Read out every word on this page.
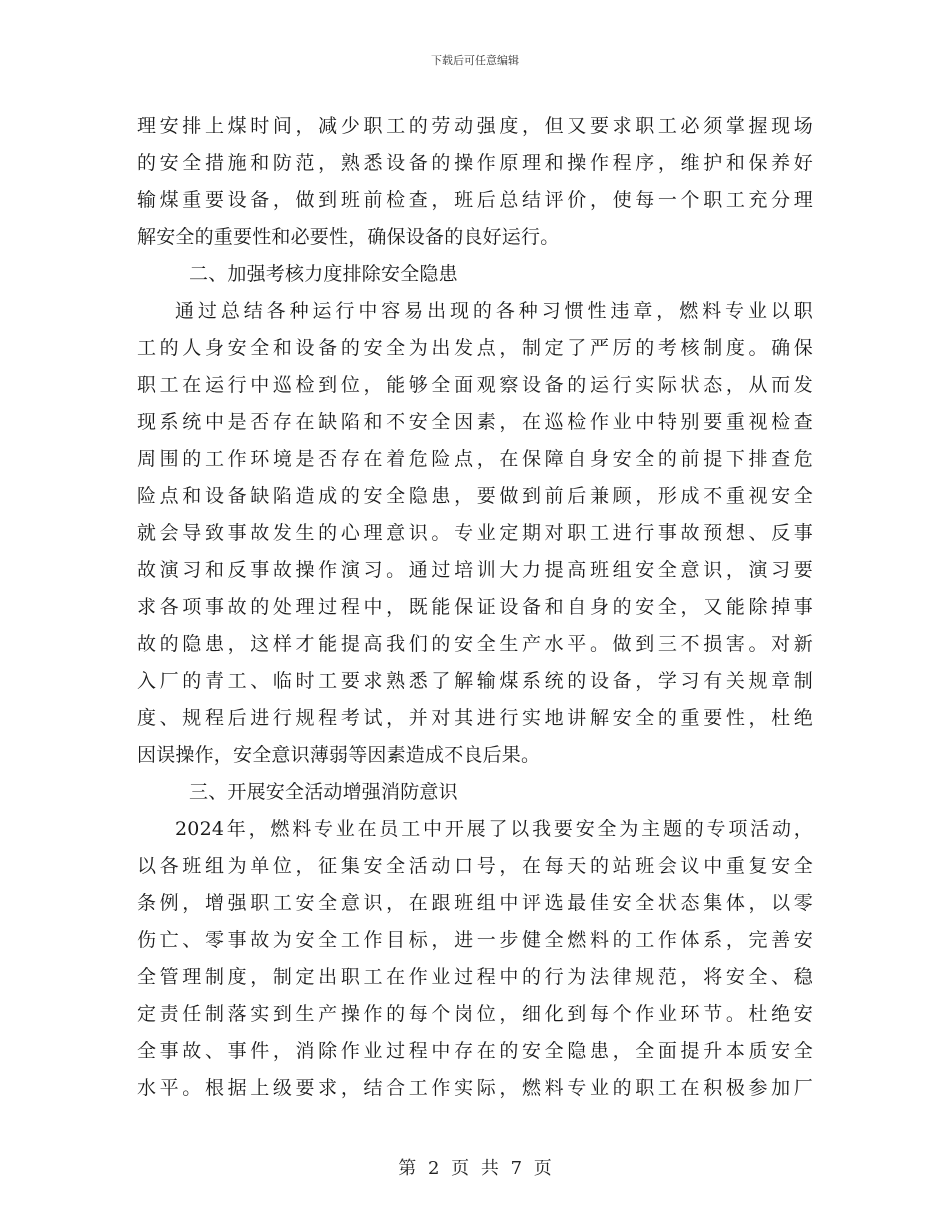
下载后可任意编辑
理安排上煤时间，减少职工的劳动强度，但又要求职工必须掌握现场
的安全措施和防范，熟悉设备的操作原理和操作程序，维护和保养好
输煤重要设备，做到班前检查，班后总结评价，使每一个职工充分理
解安全的重要性和必要性，确保设备的良好运行。
二、加强考核力度排除安全隐患
通过总结各种运行中容易出现的各种习惯性违章，燃料专业以职
工的人身安全和设备的安全为出发点，制定了严厉的考核制度。确保
职工在运行中巡检到位，能够全面观察设备的运行实际状态，从而发
现系统中是否存在缺陷和不安全因素，在巡检作业中特别要重视检查
周围的工作环境是否存在着危险点，在保障自身安全的前提下排查危
险点和设备缺陷造成的安全隐患，要做到前后兼顾，形成不重视安全
就会导致事故发生的心理意识。专业定期对职工进行事故预想、反事
故演习和反事故操作演习。通过培训大力提高班组安全意识，演习要
求各项事故的处理过程中，既能保证设备和自身的安全，又能除掉事
故的隐患，这样才能提高我们的安全生产水平。做到三不损害。对新
入厂的青工、临时工要求熟悉了解输煤系统的设备，学习有关规章制
度、规程后进行规程考试，并对其进行实地讲解安全的重要性，杜绝
因误操作，安全意识薄弱等因素造成不良后果。
三、开展安全活动增强消防意识
2024年，燃料专业在员工中开展了以我要安全为主题的专项活动，
以各班组为单位，征集安全活动口号，在每天的站班会议中重复安全
条例，增强职工安全意识，在跟班组中评选最佳安全状态集体，以零
伤亡、零事故为安全工作目标，进一步健全燃料的工作体系，完善安
全管理制度，制定出职工在作业过程中的行为法律规范，将安全、稳
定责任制落实到生产操作的每个岗位，细化到每个作业环节。杜绝安
全事故、事件，消除作业过程中存在的安全隐患，全面提升本质安全
水平。根据上级要求，结合工作实际，燃料专业的职工在积极参加厂
第 2 页 共 7 页
